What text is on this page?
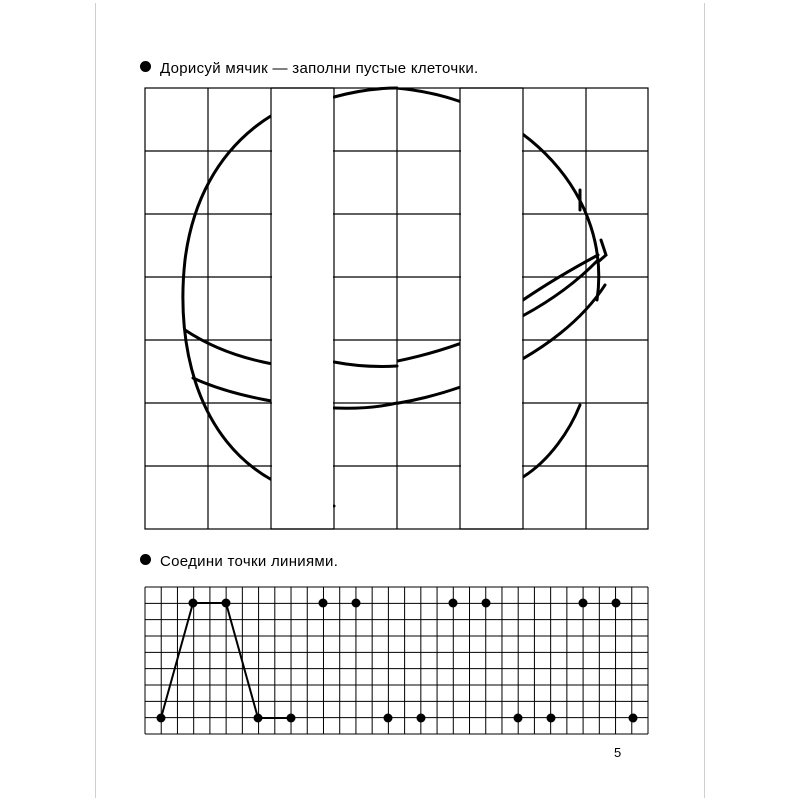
Дорисуй мячик — заполни пустые клеточки.
Соедини точки линиями.
5
